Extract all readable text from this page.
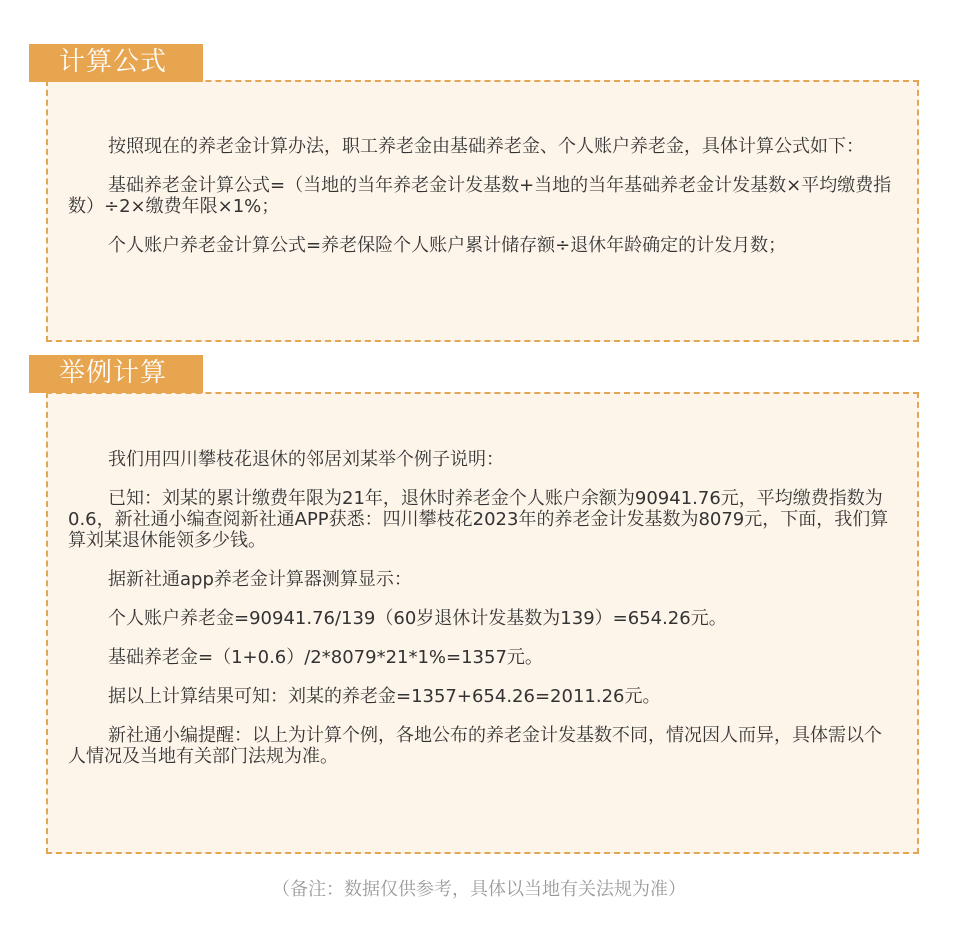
计算公式

按照现在的养老金计算办法，职工养老金由基础养老金、个人账户养老金，具体计算公式如下：

基础养老金计算公式=（当地的当年养老金计发基数+当地的当年基础养老金计发基数×平均缴费指数）÷2×缴费年限×1%；

个人账户养老金计算公式=养老保险个人账户累计储存额÷退休年龄确定的计发月数；

举例计算

我们用四川攀枝花退休的邻居刘某举个例子说明：

已知：刘某的累计缴费年限为21年，退休时养老金个人账户余额为90941.76元，平均缴费指数为0.6，新社通小编查阅新社通APP获悉：四川攀枝花2023年的养老金计发基数为8079元，下面，我们算算刘某退休能领多少钱。

据新社通app养老金计算器测算显示：

个人账户养老金=90941.76/139（60岁退休计发基数为139）=654.26元。

基础养老金=（1+0.6）/2*8079*21*1%=1357元。

据以上计算结果可知：刘某的养老金=1357+654.26=2011.26元。

新社通小编提醒：以上为计算个例，各地公布的养老金计发基数不同，情况因人而异，具体需以个人情况及当地有关部门法规为准。

（备注：数据仅供参考，具体以当地有关法规为准）
